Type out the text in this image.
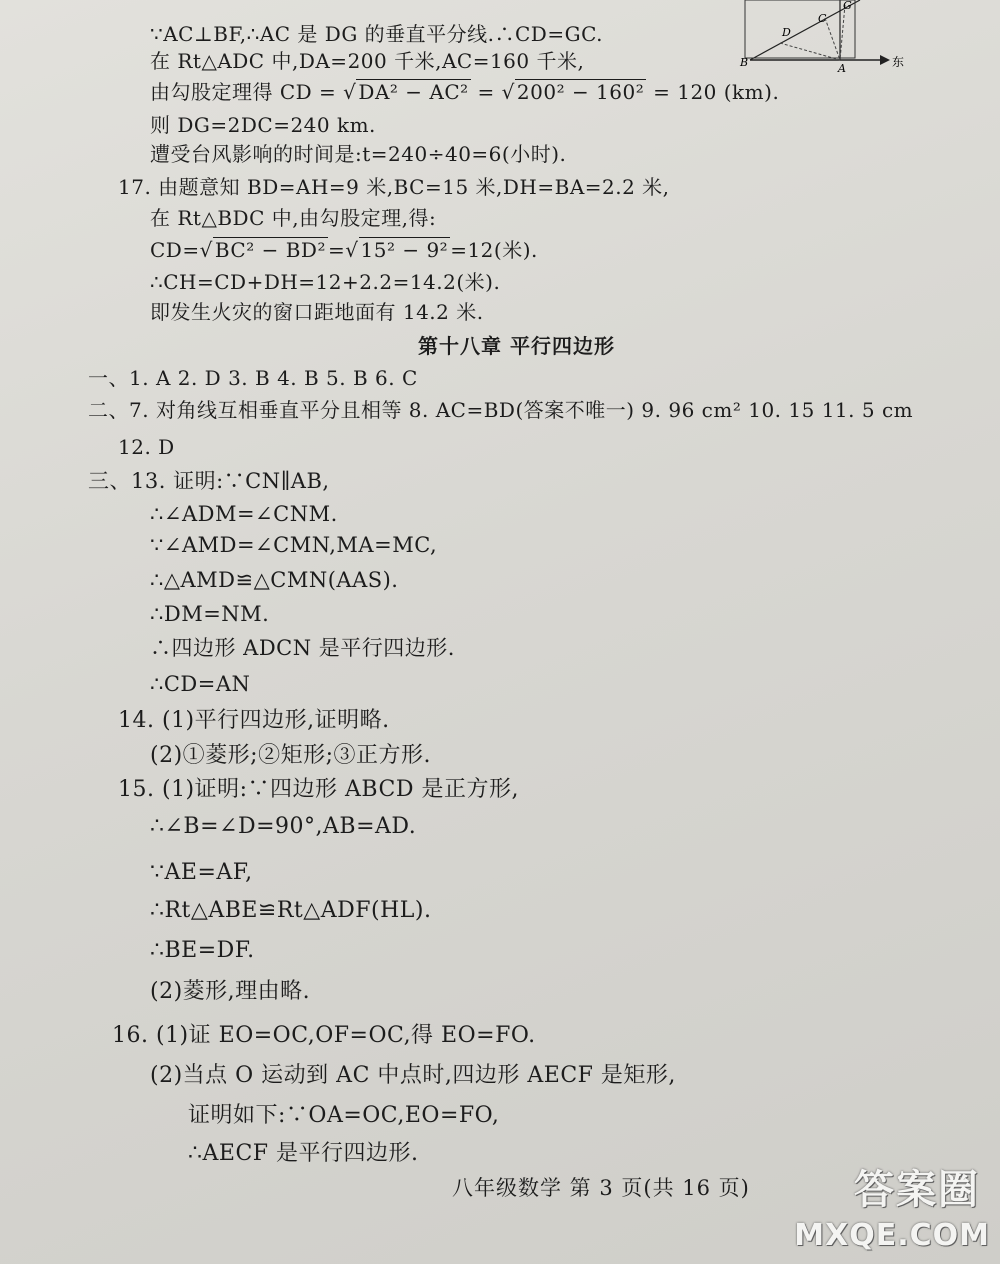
B
D
C
G
A	东
∵AC⊥BF,∴AC 是 DG 的垂直平分线.∴CD=GC.
在 Rt△ADC 中,DA=200 千米,AC=160 千米,
由勾股定理得 CD = √ DA² − AC² = √ 200² − 160² = 120 (km).
则 DG=2DC=240 km.
遭受台风影响的时间是:t=240÷40=6(小时).
17. 由题意知 BD=AH=9 米,BC=15 米,DH=BA=2.2 米,
在 Rt△BDC 中,由勾股定理,得:
CD=√ BC² − BD² =√ 15² − 9² =12(米).
∴CH=CD+DH=12+2.2=14.2(米).
即发生火灾的窗口距地面有 14.2 米.
第十八章 平行四边形
一、1. A 2. D 3. B 4. B 5. B 6. C
二、7. 对角线互相垂直平分且相等 8. AC=BD(答案不唯一) 9. 96 cm² 10. 15 11. 5 cm
12. D
三、13. 证明:∵CN∥AB,
∴∠ADM=∠CNM.
∵∠AMD=∠CMN,MA=MC,
∴△AMD≌△CMN(AAS).
∴DM=NM.
∴四边形 ADCN 是平行四边形.
∴CD=AN
14. (1)平行四边形,证明略.
(2)①菱形;②矩形;③正方形.
15. (1)证明:∵四边形 ABCD 是正方形,
∴∠B=∠D=90°,AB=AD.
∵AE=AF,
∴Rt△ABE≌Rt△ADF(HL).
∴BE=DF.
(2)菱形,理由略.
16. (1)证 EO=OC,OF=OC,得 EO=FO.
(2)当点 O 运动到 AC 中点时,四边形 AECF 是矩形,
证明如下:∵OA=OC,EO=FO,
∴AECF 是平行四边形.
八年级数学 第 3 页(共 16 页)	答案圈
MXQE.COM
